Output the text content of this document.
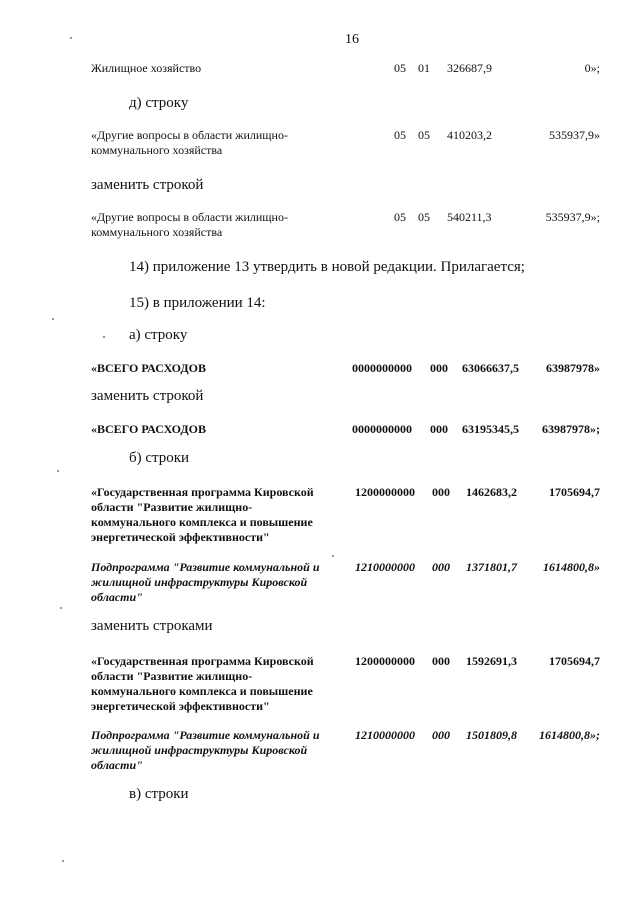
16
Жилищное хозяйство	05 01 326687,9	0»;
д) строку
«Другие вопросы в области жилищно-
коммунального хозяйства
05 05 410203,2	535937,9»
заменить строкой
«Другие вопросы в области жилищно-
коммунального хозяйства
05 05 540211,3	535937,9»;
14) приложение 13 утвердить в новой редакции. Прилагается;
15) в приложении 14:
а) строку
«ВСЕГО РАСХОДОВ	0000000000 000 63066637,5	63987978»
заменить строкой
«ВСЕГО РАСХОДОВ	0000000000 000 63195345,5	63987978»;
б) строки
«Государственная программа Кировской
области "Развитие жилищно-
коммунального комплекса и повышение
энергетической эффективности"
1200000000 000 1462683,2	1705694,7
Подпрограмма "Развитие коммунальной и
жилищной инфраструктуры Кировской
области"
1210000000 000 1371801,7	1614800,8»
заменить строками
«Государственная программа Кировской
области "Развитие жилищно-
коммунального комплекса и повышение
энергетической эффективности"
1200000000 000 1592691,3	1705694,7
Подпрограмма "Развитие коммунальной и
жилищной инфраструктуры Кировской
области"
1210000000 000 1501809,8	1614800,8»;
в) строки
